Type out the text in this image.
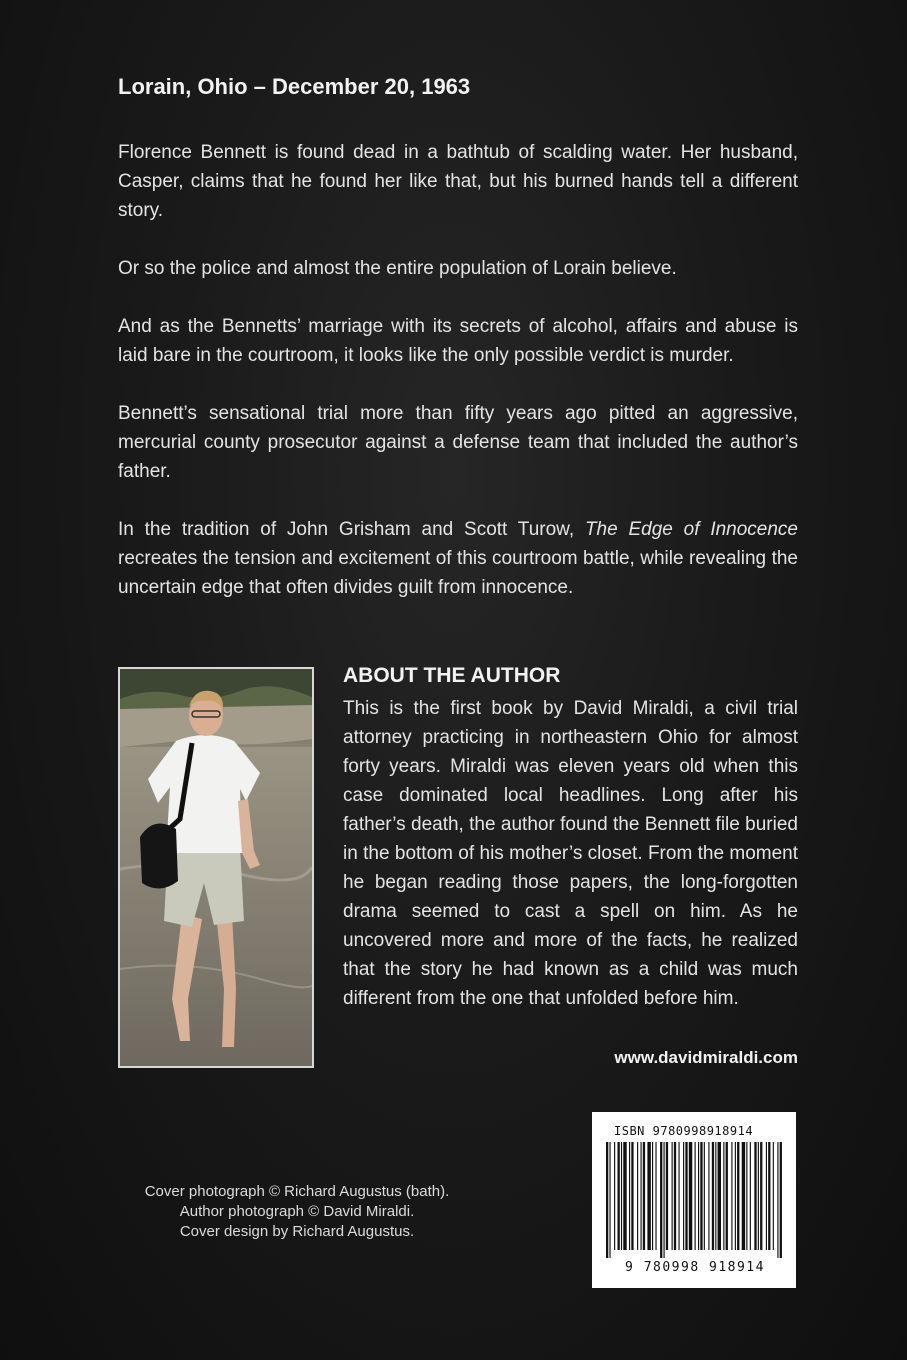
Lorain, Ohio – December 20, 1963

Florence Bennett is found dead in a bathtub of scalding water. Her husband, Casper, claims that he found her like that, but his burned hands tell a different story.

Or so the police and almost the entire population of Lorain believe.

And as the Bennetts’ marriage with its secrets of alcohol, affairs and abuse is laid bare in the courtroom, it looks like the only possible verdict is murder.

Bennett’s sensational trial more than fifty years ago pitted an aggressive, mercurial county prosecutor against a defense team that included the author’s father.

In the tradition of John Grisham and Scott Turow, The Edge of Innocence recreates the tension and excitement of this courtroom battle, while revealing the uncertain edge that often divides guilt from innocence.

ABOUT THE AUTHOR

This is the first book by David Miraldi, a civil trial attorney practicing in northeastern Ohio for almost forty years. Miraldi was eleven years old when this case dominated local headlines. Long after his father’s death, the author found the Bennett file buried in the bottom of his mother’s closet. From the moment he began reading those papers, the long-forgotten drama seemed to cast a spell on him. As he uncovered more and more of the facts, he realized that the story he had known as a child was much different from the one that unfolded before him.

www.davidmiraldi.com
Cover photograph © Richard Augustus (bath).
Author photograph © David Miraldi.
Cover design by Richard Augustus.
ISBN 9780998918914
9 780998 918914
